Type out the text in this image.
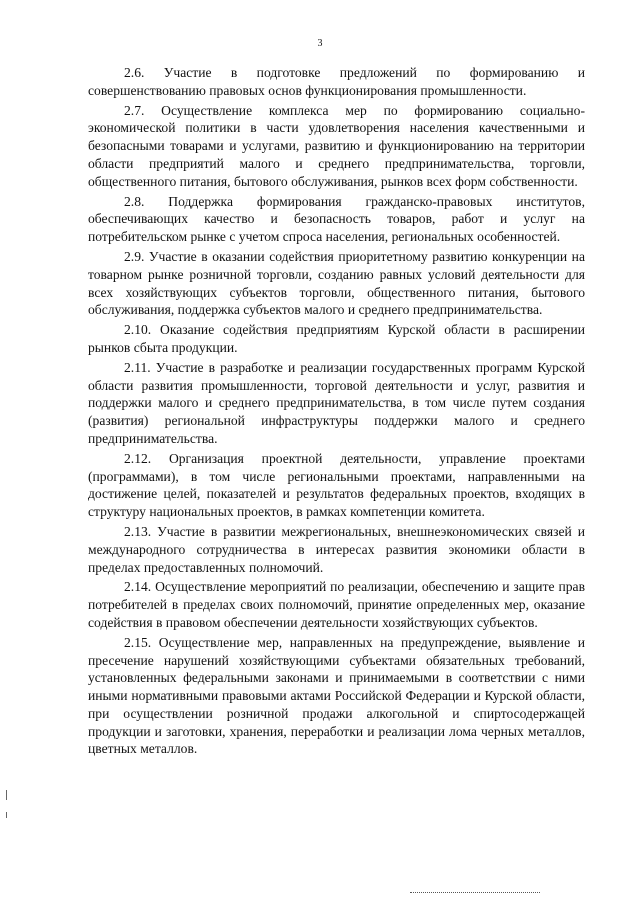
3

2.6. Участие в подготовке предложений по формированию и совершенствованию правовых основ функционирования промышленности.

2.7. Осуществление комплекса мер по формированию социально-экономической политики в части удовлетворения населения качественными и безопасными товарами и услугами, развитию и функционированию на территории области предприятий малого и среднего предпринимательства, торговли, общественного питания, бытового обслуживания, рынков всех форм собственности.

2.8. Поддержка формирования гражданско-правовых институтов, обеспечивающих качество и безопасность товаров, работ и услуг на потребительском рынке с учетом спроса населения, региональных особенностей.

2.9. Участие в оказании содействия приоритетному развитию конкуренции на товарном рынке розничной торговли, созданию равных условий деятельности для всех хозяйствующих субъектов торговли, общественного питания, бытового обслуживания, поддержка субъектов малого и среднего предпринимательства.

2.10. Оказание содействия предприятиям Курской области в расширении рынков сбыта продукции.

2.11. Участие в разработке и реализации государственных программ Курской области развития промышленности, торговой деятельности и услуг, развития и поддержки малого и среднего предпринимательства, в том числе путем создания (развития) региональной инфраструктуры поддержки малого и среднего предпринимательства.

2.12. Организация проектной деятельности, управление проектами (программами), в том числе региональными проектами, направленными на достижение целей, показателей и результатов федеральных проектов, входящих в структуру национальных проектов, в рамках компетенции комитета.

2.13. Участие в развитии межрегиональных, внешнеэкономических связей и международного сотрудничества в интересах развития экономики области в пределах предоставленных полномочий.

2.14. Осуществление мероприятий по реализации, обеспечению и защите прав потребителей в пределах своих полномочий, принятие определенных мер, оказание содействия в правовом обеспечении деятельности хозяйствующих субъектов.

2.15. Осуществление мер, направленных на предупреждение, выявление и пресечение нарушений хозяйствующими субъектами обязательных требований, установленных федеральными законами и принимаемыми в соответствии с ними иными нормативными правовыми актами Российской Федерации и Курской области, при осуществлении розничной продажи алкогольной и спиртосодержащей продукции и заготовки, хранения, переработки и реализации лома черных металлов, цветных металлов.
